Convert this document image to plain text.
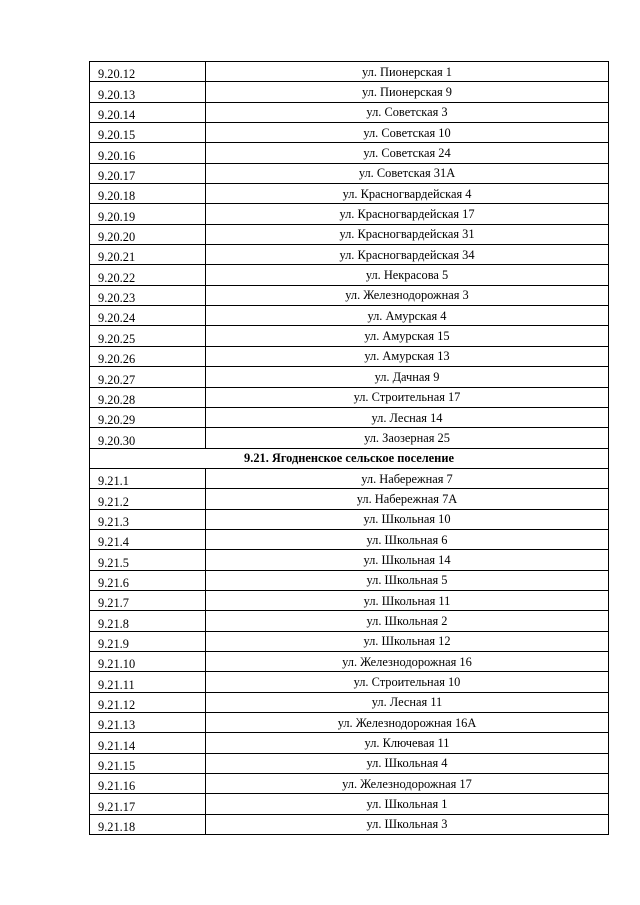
9.20.12	ул. Пионерская 1
9.20.13	ул. Пионерская 9
9.20.14	ул. Советская 3
9.20.15	ул. Советская 10
9.20.16	ул. Советская 24
9.20.17	ул. Советская 31А
9.20.18	ул. Красногвардейская 4
9.20.19	ул. Красногвардейская 17
9.20.20	ул. Красногвардейская 31
9.20.21	ул. Красногвардейская 34
9.20.22	ул. Некрасова 5
9.20.23	ул. Железнодорожная 3
9.20.24	ул. Амурская 4
9.20.25	ул. Амурская 15
9.20.26	ул. Амурская 13
9.20.27	ул. Дачная 9
9.20.28	ул. Строительная 17
9.20.29	ул. Лесная 14
9.20.30	ул. Заозерная 25
9.21. Ягодненское сельское поселение	
9.21.1	ул. Набережная 7
9.21.2	ул. Набережная 7А
9.21.3	ул. Школьная 10
9.21.4	ул. Школьная 6
9.21.5	ул. Школьная 14
9.21.6	ул. Школьная 5
9.21.7	ул. Школьная 11
9.21.8	ул. Школьная 2
9.21.9	ул. Школьная 12
9.21.10	ул. Железнодорожная 16
9.21.11	ул. Строительная 10
9.21.12	ул. Лесная 11
9.21.13	ул. Железнодорожная 16А
9.21.14	ул. Ключевая 11
9.21.15	ул. Школьная 4
9.21.16	ул. Железнодорожная 17
9.21.17	ул. Школьная 1
9.21.18	ул. Школьная 3
